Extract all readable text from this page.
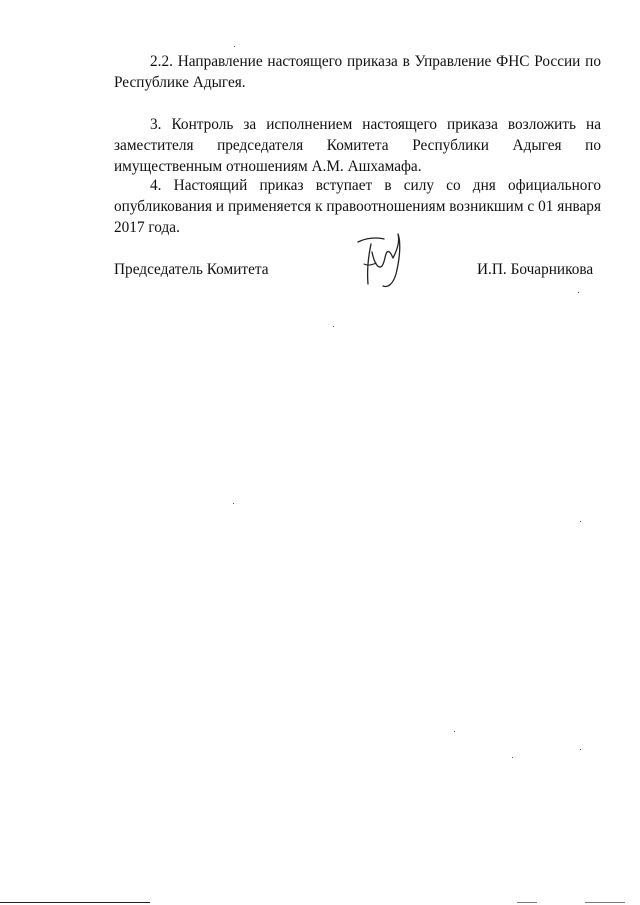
2.2. Направление настоящего приказа в Управление ФНС России по Республике Адыгея.

3. Контроль за исполнением настоящего приказа возложить на заместителя председателя Комитета Республики Адыгея по имущественным отношениям А.М. Ашхамафа.

4. Настоящий приказ вступает в силу со дня официального опубликования и применяется к правоотношениям возникшим с 01 января 2017 года.

Председатель Комитета	И.П. Бочарникова
